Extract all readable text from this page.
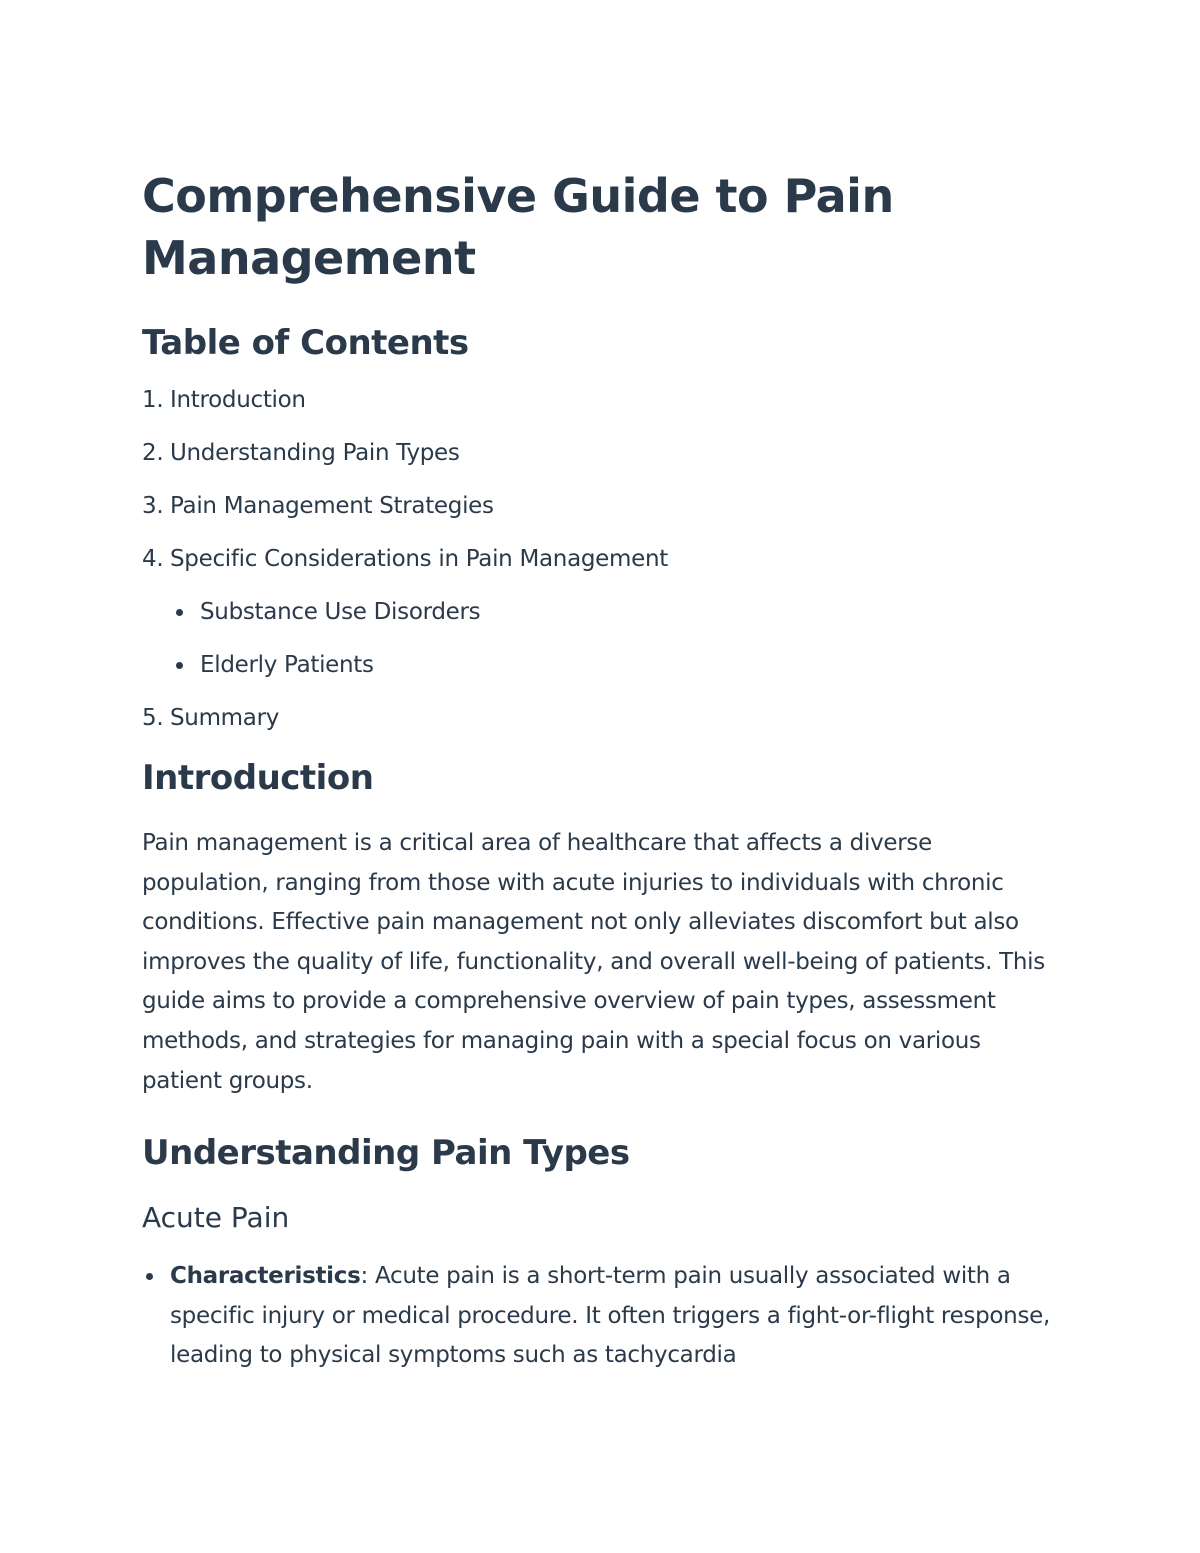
Comprehensive Guide to Pain Management
Table of Contents
1. Introduction
2. Understanding Pain Types
3. Pain Management Strategies
4. Specific Considerations in Pain Management
Substance Use Disorders
Elderly Patients
5. Summary
Introduction

Pain management is a critical area of healthcare that affects a diverse population, ranging from those with acute injuries to individuals with chronic conditions. Effective pain management not only alleviates discomfort but also improves the quality of life, functionality, and overall well-being of patients. This guide aims to provide a comprehensive overview of pain types, assessment methods, and strategies for managing pain with a special focus on various patient groups.

Understanding Pain Types
Acute Pain
Characteristics: Acute pain is a short-term pain usually associated with a specific injury or medical procedure. It often triggers a fight-or-flight response, leading to physical symptoms such as tachycardia
